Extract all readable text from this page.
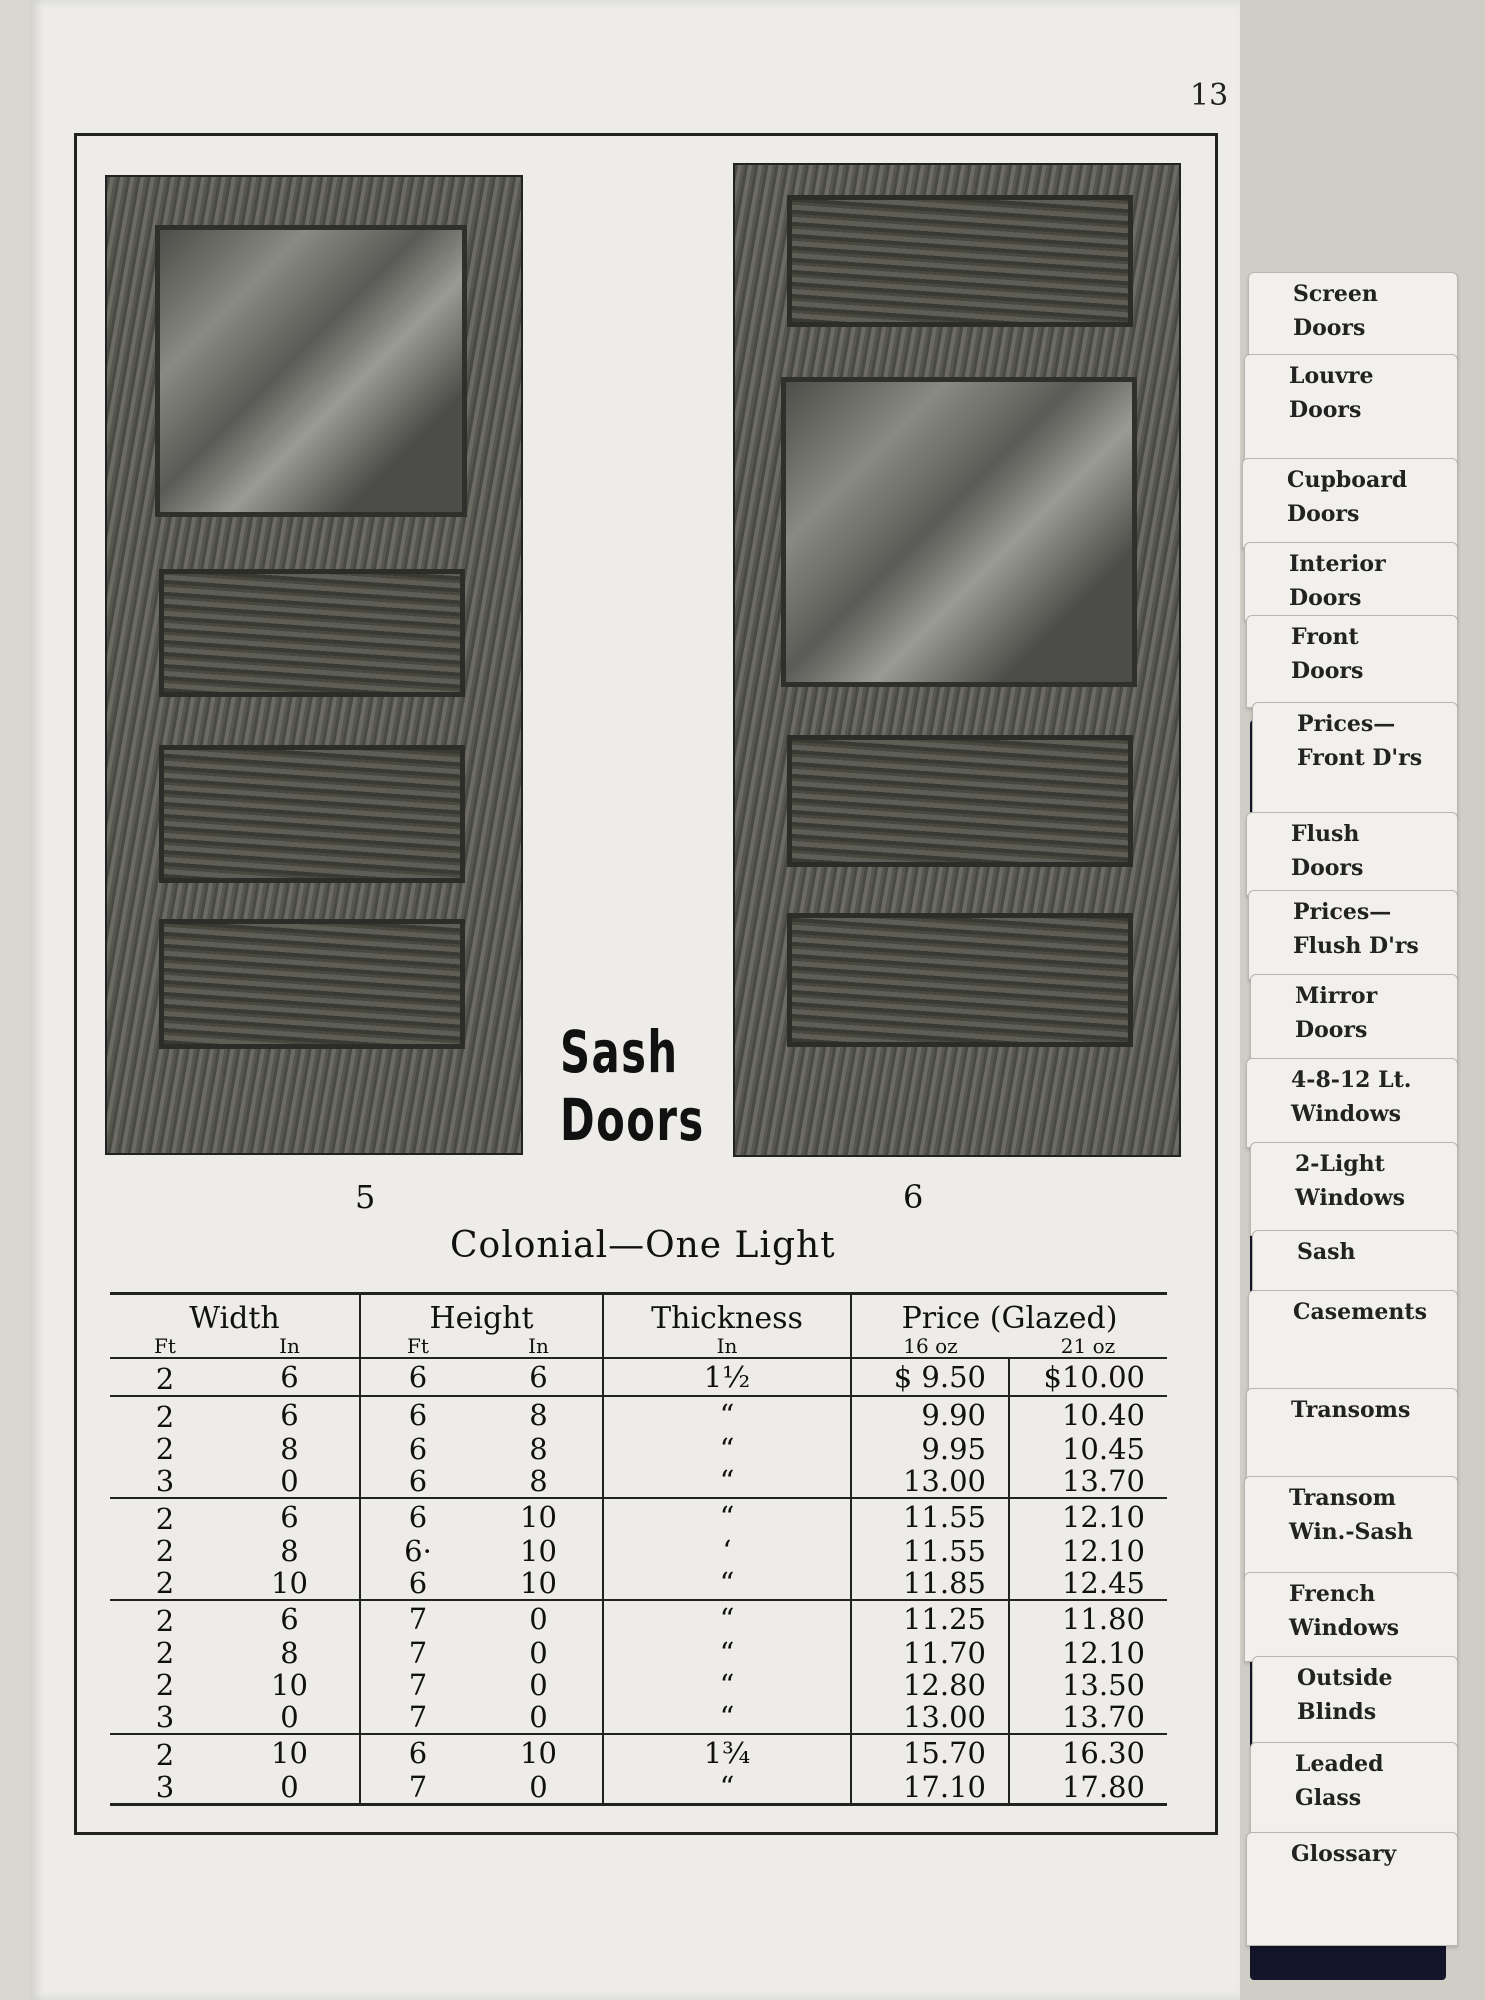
13
5	6
Sash
Doors
Colonial—One Light
Width		Height		Thickness	Price (Glazed)	
Ft	In	Ft	In	In	16 oz	21 oz
2	6	6	6	1½	$ 9.50	$10.00
2	6	6	8	“	9.90	10.40
2	8	6	8	“	9.95	10.45
3	0	6	8	“	13.00	13.70
2	6	6	10	“	11.55	12.10
2	8	6·	10	‘	11.55	12.10
2	10	6	10	“	11.85	12.45
2	6	7	0	“	11.25	11.80
2	8	7	0	“	11.70	12.10
2	10	7	0	“	12.80	13.50
3	0	7	0	“	13.00	13.70
2	10	6	10	1¾	15.70	16.30
3	0	7	0	“	17.10	17.80
Screen
Doors
Louvre
Doors
Cupboard
Doors
Interior
Doors
Front
Doors
Prices—
Front D'rs
Flush
Doors
Prices—
Flush D'rs
Mirror
Doors
4-8-12 Lt.
Windows
2-Light
Windows
Sash
Casements
Transoms
Transom
Win.-Sash
French
Windows
Outside
Blinds
Leaded
Glass
Glossary
